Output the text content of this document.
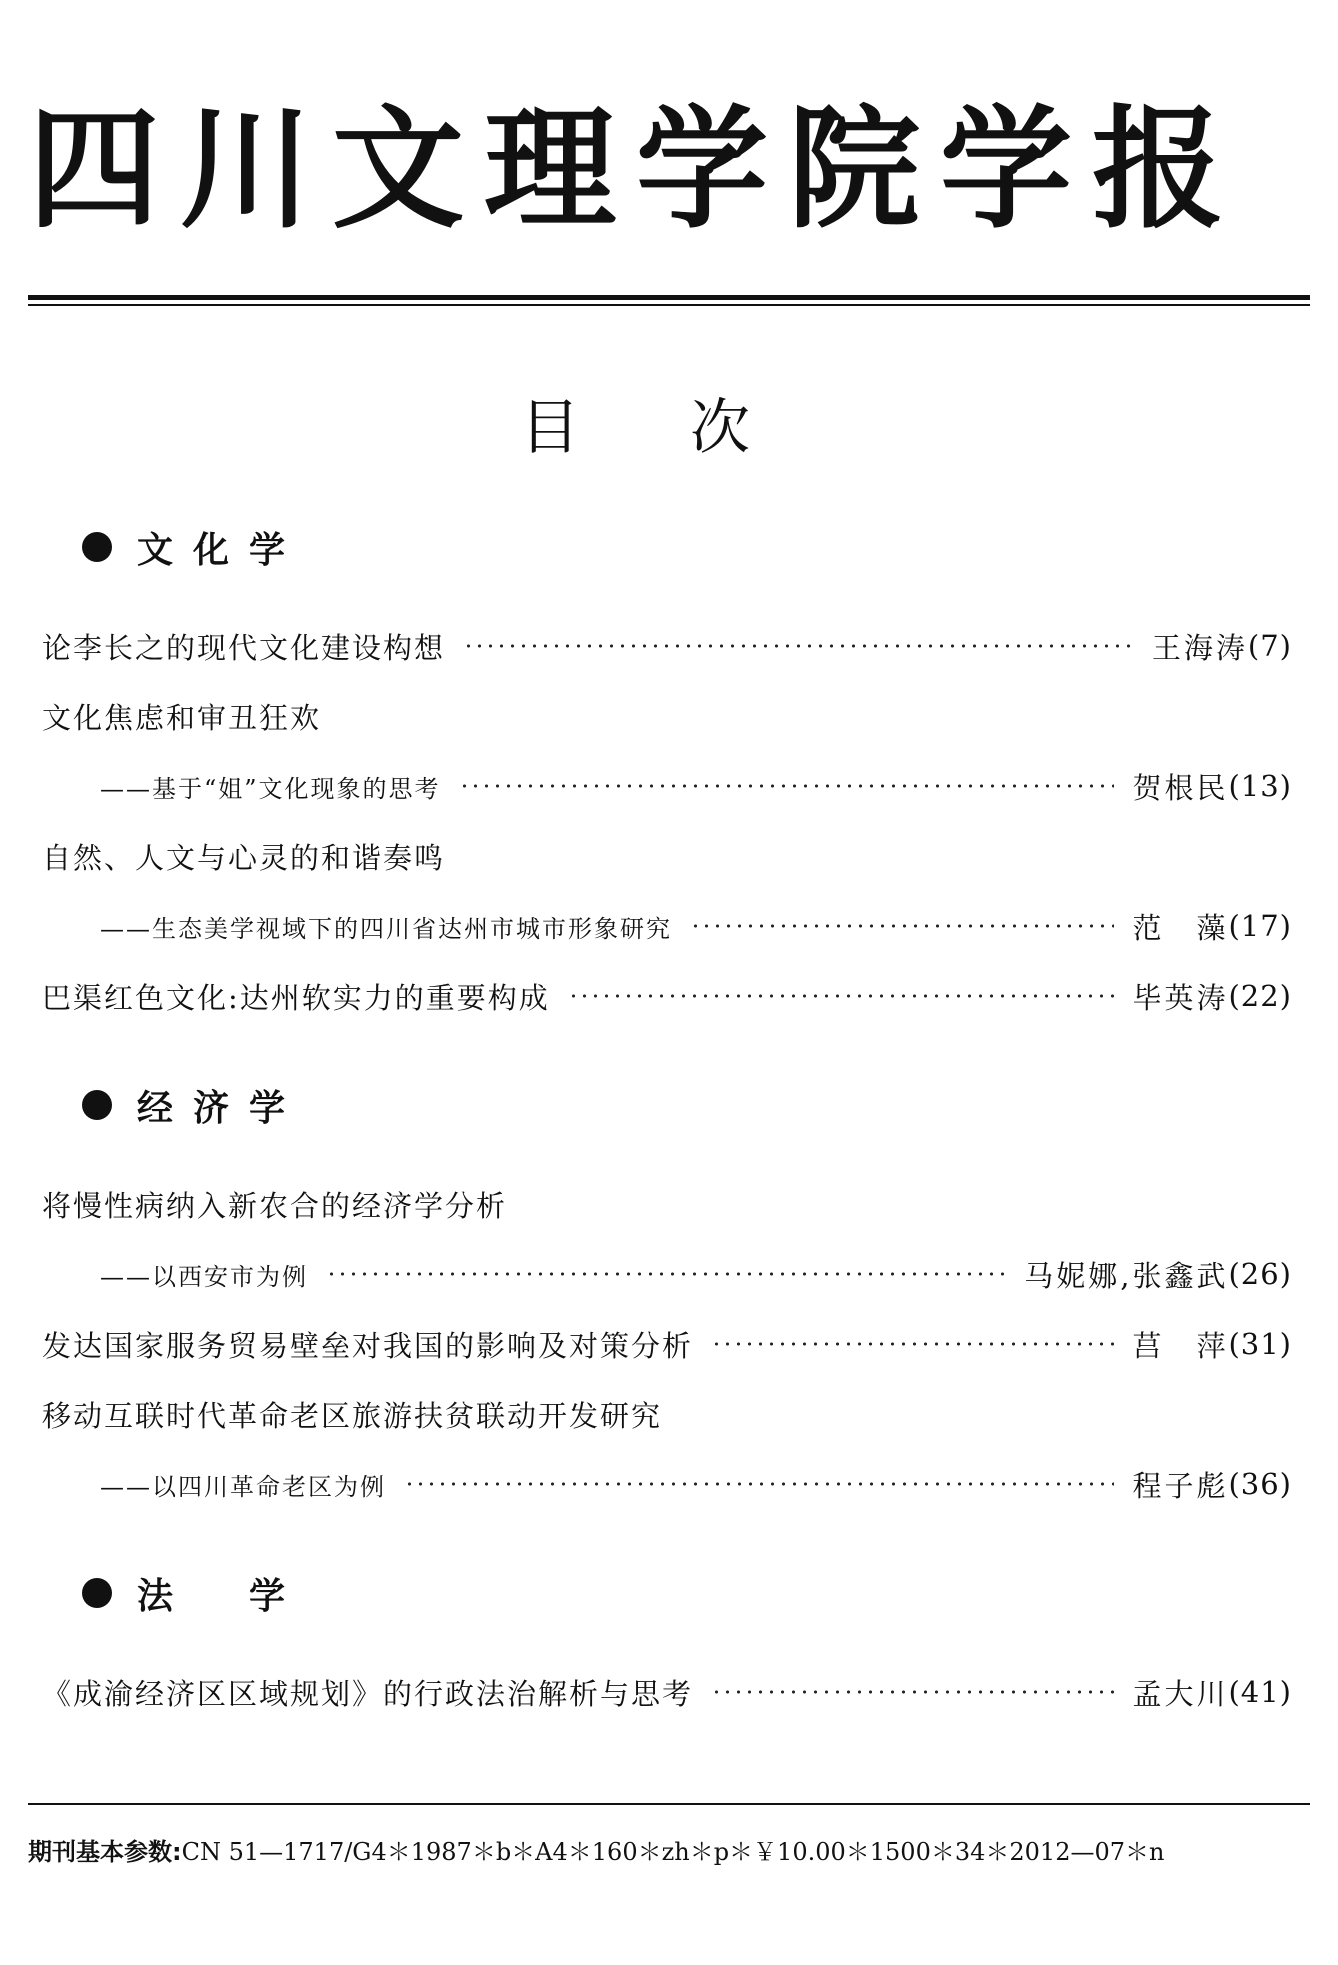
四川文理学院学报
目次
文化学
论李长之的现代文化建设构想	王海涛 (7)
文化焦虑和审丑狂欢
——基于“姐”文化现象的思考	贺根民 (13)
自然、人文与心灵的和谐奏鸣
——生态美学视域下的四川省达州市城市形象研究	范　藻 (17)
巴渠红色文化:达州软实力的重要构成	毕英涛 (22)
经济学
将慢性病纳入新农合的经济学分析
——以西安市为例	马妮娜,张鑫武 (26)
发达国家服务贸易壁垒对我国的影响及对策分析	莒　萍 (31)
移动互联时代革命老区旅游扶贫联动开发研究
——以四川革命老区为例	程子彪 (36)
法　学
《成渝经济区区域规划》的行政法治解析与思考	孟大川 (41)
期刊基本参数:CN 51—1717/G4＊1987＊b＊A4＊160＊zh＊p＊￥10.00＊1500＊34＊2012—07＊n
